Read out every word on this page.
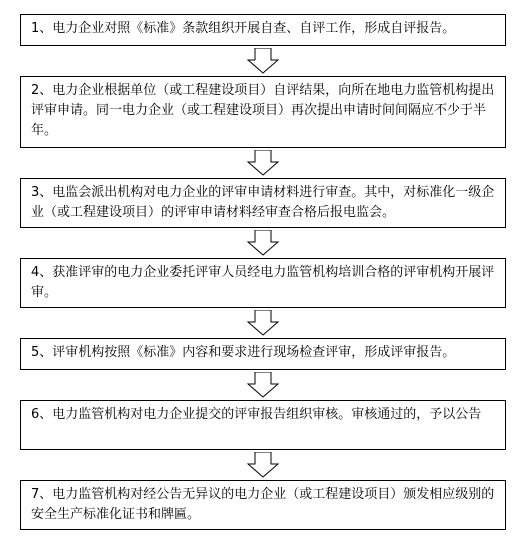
1、电力企业对照《标准》条款组织开展自查、自评工作，形成自评报告。
2、电力企业根据单位（或工程建设项目）自评结果，向所在地电力监管机构提出评审申请。同一电力企业（或工程建设项目）再次提出申请时间间隔应不少于半年。
3、电监会派出机构对电力企业的评审申请材料进行审查。其中，对标准化一级企业（或工程建设项目）的评审申请材料经审查合格后报电监会。
4、获准评审的电力企业委托评审人员经电力监管机构培训合格的评审机构开展评审。
5、评审机构按照《标准》内容和要求进行现场检查评审，形成评审报告。
6、电力监管机构对电力企业提交的评审报告组织审核。审核通过的，予以公告
7、电力监管机构对经公告无异议的电力企业（或工程建设项目）颁发相应级别的安全生产标准化证书和牌匾。
